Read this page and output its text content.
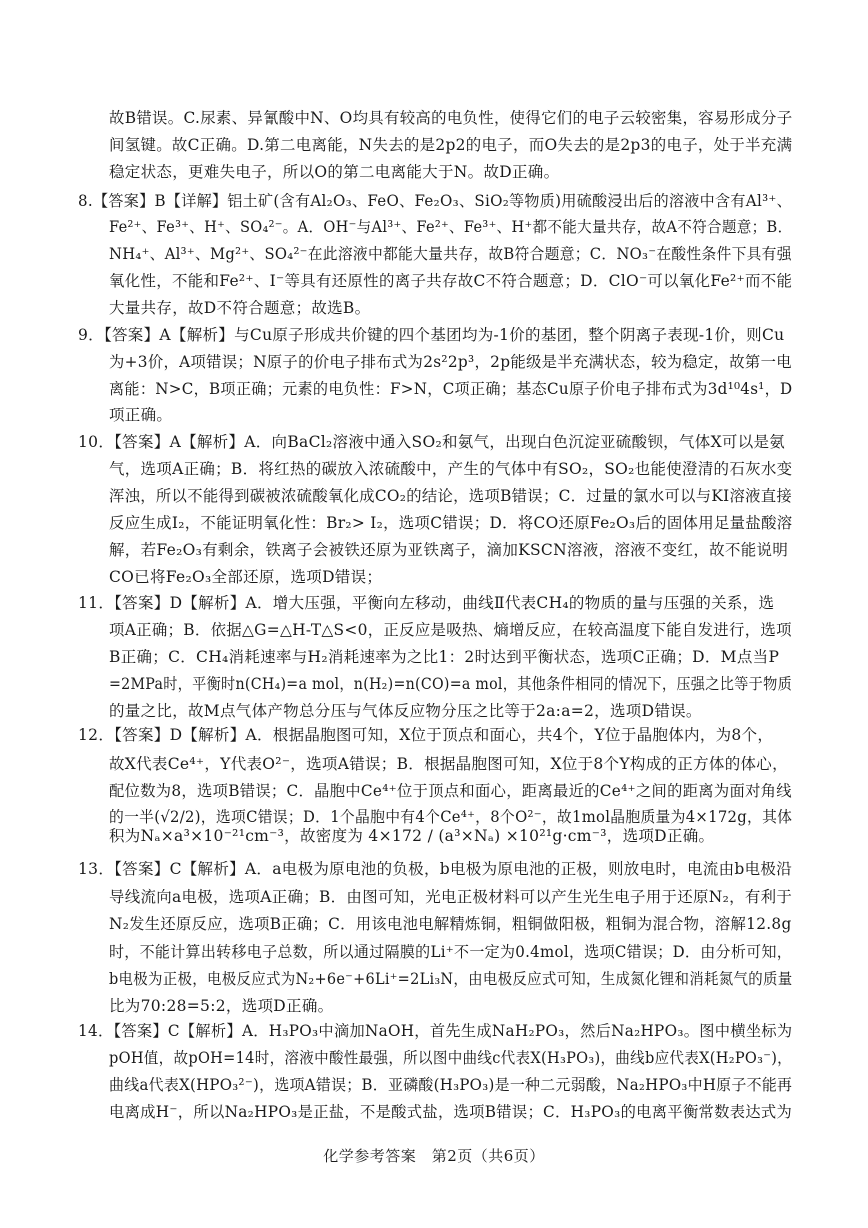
化学参考答案　第2页（共6页）
故B错误。C.尿素、异氰酸中N、O均具有较高的电负性，使得它们的电子云较密集，容易形成分子
间氢键。故C正确。D.第二电离能，N失去的是2p2的电子，而O失去的是2p3的电子，处于半充满
稳定状态，更难失电子，所以O的第二电离能大于N。故D正确。
8.【答案】B【详解】铝土矿(含有Al₂O₃、FeO、Fe₂O₃、SiO₂等物质)用硫酸浸出后的溶液中含有Al³⁺、
Fe²⁺、Fe³⁺、H⁺、SO₄²⁻。A．OH⁻与Al³⁺、Fe²⁺、Fe³⁺、H⁺都不能大量共存，故A不符合题意；B．
NH₄⁺、Al³⁺、Mg²⁺、SO₄²⁻在此溶液中都能大量共存，故B符合题意；C．NO₃⁻在酸性条件下具有强
氧化性，不能和Fe²⁺、I⁻等具有还原性的离子共存故C不符合题意；D．ClO⁻可以氧化Fe²⁺而不能
大量共存，故D不符合题意；故选B。
9．【答案】A【解析】与Cu原子形成共价键的四个基团均为-1价的基团，整个阴离子表现-1价，则Cu
为+3价，A项错误；N原子的价电子排布式为2s²2p³，2p能级是半充满状态，较为稳定，故第一电
离能：N>C，B项正确；元素的电负性：F>N，C项正确；基态Cu原子价电子排布式为3d¹⁰4s¹，D
项正确。
10．【答案】A【解析】A．向BaCl₂溶液中通入SO₂和氨气，出现白色沉淀亚硫酸钡，气体X可以是氨
气，选项A正确；B．将红热的碳放入浓硫酸中，产生的气体中有SO₂，SO₂也能使澄清的石灰水变
浑浊，所以不能得到碳被浓硫酸氧化成CO₂的结论，选项B错误；C．过量的氯水可以与KI溶液直接
反应生成I₂，不能证明氧化性：Br₂> I₂，选项C错误；D．将CO还原Fe₂O₃后的固体用足量盐酸溶
解，若Fe₂O₃有剩余，铁离子会被铁还原为亚铁离子，滴加KSCN溶液，溶液不变红，故不能说明
CO已将Fe₂O₃全部还原，选项D错误；
11．【答案】D【解析】A．增大压强，平衡向左移动，曲线Ⅱ代表CH₄的物质的量与压强的关系，选
项A正确；B．依据△G=△H-T△S<0，正反应是吸热、熵增反应，在较高温度下能自发进行，选项
B正确；C．CH₄消耗速率与H₂消耗速率为之比1：2时达到平衡状态，选项C正确；D．M点当P
=2MPa时，平衡时n(CH₄)=a mol，n(H₂)=n(CO)=a mol，其他条件相同的情况下，压强之比等于物质
的量之比，故M点气体产物总分压与气体反应物分压之比等于2a:a=2，选项D错误。
12．【答案】D【解析】A．根据晶胞图可知，X位于顶点和面心，共4个，Y位于晶胞体内，为8个，
故X代表Ce⁴⁺，Y代表O²⁻，选项A错误；B．根据晶胞图可知，X位于8个Y构成的正方体的体心，
配位数为8，选项B错误；C．晶胞中Ce⁴⁺位于顶点和面心，距离最近的Ce⁴⁺之间的距离为面对角线
的一半(√2/2)，选项C错误；D．1个晶胞中有4个Ce⁴⁺，8个O²⁻，故1mol晶胞质量为4×172g，其体
积为Nₐ×a³×10⁻²¹cm⁻³，故密度为 4×172 / (a³×Nₐ) ×10²¹g·cm⁻³，选项D正确。
13．【答案】C【解析】A．a电极为原电池的负极，b电极为原电池的正极，则放电时，电流由b电极沿
导线流向a电极，选项A正确；B．由图可知，光电正极材料可以产生光生电子用于还原N₂，有利于
N₂发生还原反应，选项B正确；C．用该电池电解精炼铜，粗铜做阳极，粗铜为混合物，溶解12.8g
时，不能计算出转移电子总数，所以通过隔膜的Li⁺不一定为0.4mol，选项C错误；D．由分析可知，
b电极为正极，电极反应式为N₂+6e⁻+6Li⁺=2Li₃N，由电极反应式可知，生成氮化锂和消耗氮气的质量
比为70:28=5:2，选项D正确。
14．【答案】C【解析】A．H₃PO₃中滴加NaOH，首先生成NaH₂PO₃，然后Na₂HPO₃。图中横坐标为
pOH值，故pOH=14时，溶液中酸性最强，所以图中曲线c代表X(H₃PO₃)，曲线b应代表X(H₂PO₃⁻)，
曲线a代表X(HPO₃²⁻)，选项A错误；B．亚磷酸(H₃PO₃)是一种二元弱酸，Na₂HPO₃中H原子不能再
电离成H⁻，所以Na₂HPO₃是正盐，不是酸式盐，选项B错误；C．H₃PO₃的电离平衡常数表达式为
